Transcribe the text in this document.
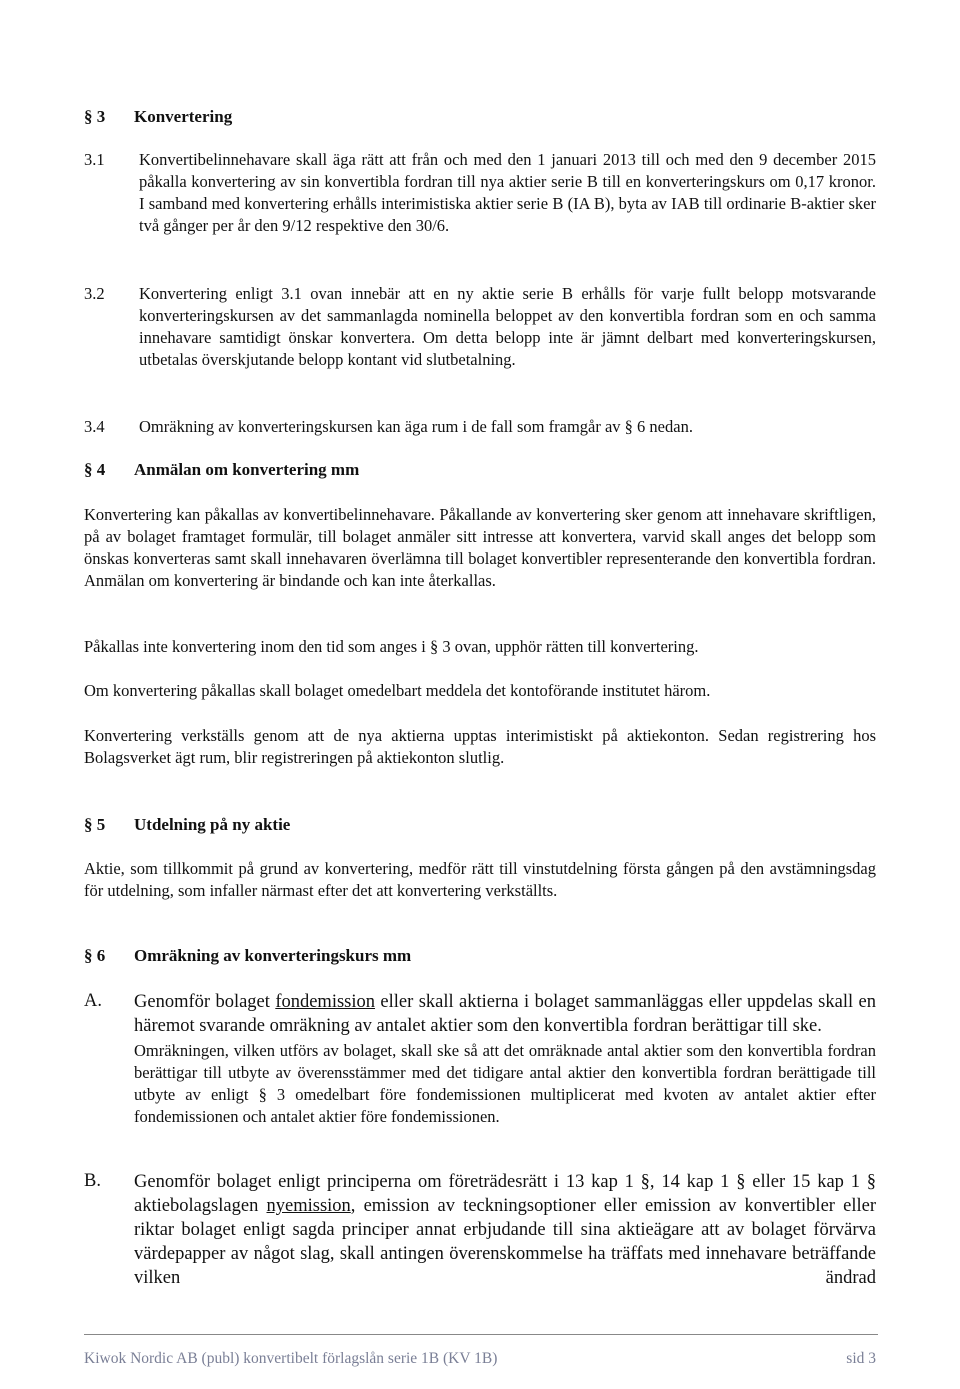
§ 3 Konvertering
3.1 Konvertibelinnehavare skall äga rätt att från och med den 1 januari 2013 till och med den 9 december 2015 påkalla konvertering av sin konvertibla fordran till nya aktier serie B till en konverteringskurs om 0,17 kronor. I samband med konvertering erhålls interimistiska aktier serie B (IA B), byta av IAB till ordinarie B-aktier sker två gånger per år den 9/12 respektive den 30/6.
3.2 Konvertering enligt 3.1 ovan innebär att en ny aktie serie B erhålls för varje fullt belopp motsvarande konverteringskursen av det sammanlagda nominella beloppet av den konvertibla fordran som en och samma innehavare samtidigt önskar konvertera. Om detta belopp inte är jämnt delbart med konverteringskursen, utbetalas överskjutande belopp kontant vid slutbetalning.
3.4 Omräkning av konverteringskursen kan äga rum i de fall som framgår av § 6 nedan.
§ 4 Anmälan om konvertering mm
Konvertering kan påkallas av konvertibelinnehavare. Påkallande av konvertering sker genom att innehavare skriftligen, på av bolaget framtaget formulär, till bolaget anmäler sitt intresse att konvertera, varvid skall anges det belopp som önskas konverteras samt skall innehavaren överlämna till bolaget konvertibler representerande den konvertibla fordran. Anmälan om konvertering är bindande och kan inte återkallas.
Påkallas inte konvertering inom den tid som anges i § 3 ovan, upphör rätten till konvertering.
Om konvertering påkallas skall bolaget omedelbart meddela det kontoförande institutet härom.
Konvertering verkställs genom att de nya aktierna upptas interimistiskt på aktiekonton. Sedan registrering hos Bolagsverket ägt rum, blir registreringen på aktiekonton slutlig.
§ 5 Utdelning på ny aktie
Aktie, som tillkommit på grund av konvertering, medför rätt till vinstutdelning första gången på den avstämningsdag för utdelning, som infaller närmast efter det att konvertering verkställts.
§ 6 Omräkning av konverteringskurs mm
A. Genomför bolaget fondemission eller skall aktierna i bolaget sammanläggas eller uppdelas skall en häremot svarande omräkning av antalet aktier som den konvertibla fordran berättigar till ske.
Omräkningen, vilken utförs av bolaget, skall ske så att det omräknade antal aktier som den konvertibla fordran berättigar till utbyte av överensstämmer med det tidigare antal aktier den konvertibla fordran berättigade till utbyte av enligt § 3 omedelbart före fondemissionen multiplicerat med kvoten av antalet aktier efter fondemissionen och antalet aktier före fondemissionen.
B. Genomför bolaget enligt principerna om företrädesrätt i 13 kap 1 §, 14 kap 1 § eller 15 kap 1 § aktiebolagslagen nyemission, emission av teckningsoptioner eller emission av konvertibler eller riktar bolaget enligt sagda principer annat erbjudande till sina aktieägare att av bolaget förvärva värdepapper av något slag, skall antingen överenskommelse ha träffats med innehavare beträffande vilken ändrad
Kiwok Nordic AB (publ) konvertibelt förlagslån serie 1B (KV 1B)	sid 3
